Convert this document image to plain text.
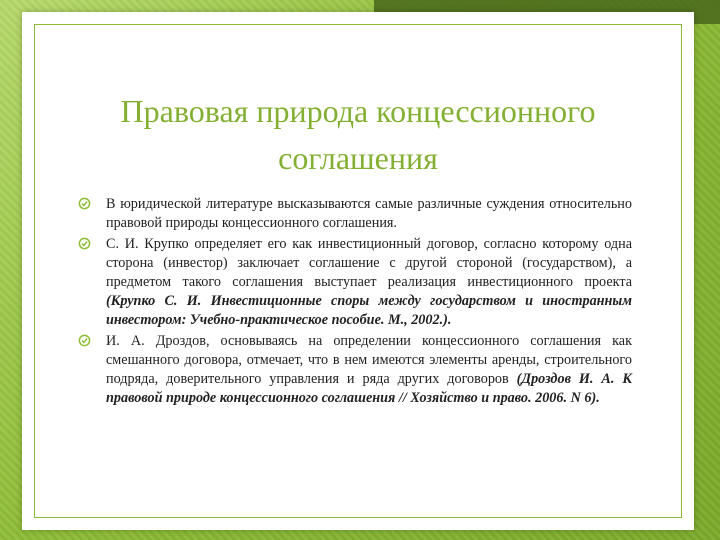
Правовая природа концессионного соглашения
В юридической литературе высказываются самые различные суждения относительно правовой природы концессионного соглашения.
С. И. Крупко определяет его как инвестиционный договор, согласно которому одна сторона (инвестор) заключает соглашение с другой стороной (государством), а предметом такого соглашения выступает реализация инвестиционного проекта (Крупко С. И. Инвестиционные споры между государством и иностранным инвестором: Учебно-практическое пособие. М., 2002.).
И. А. Дроздов, основываясь на определении концессионного соглашения как смешанного договора, отмечает, что в нем имеются элементы аренды, строительного подряда, доверительного управления и ряда других договоров (Дроздов И. А. К правовой природе концессионного соглашения // Хозяйство и право. 2006. N 6).
